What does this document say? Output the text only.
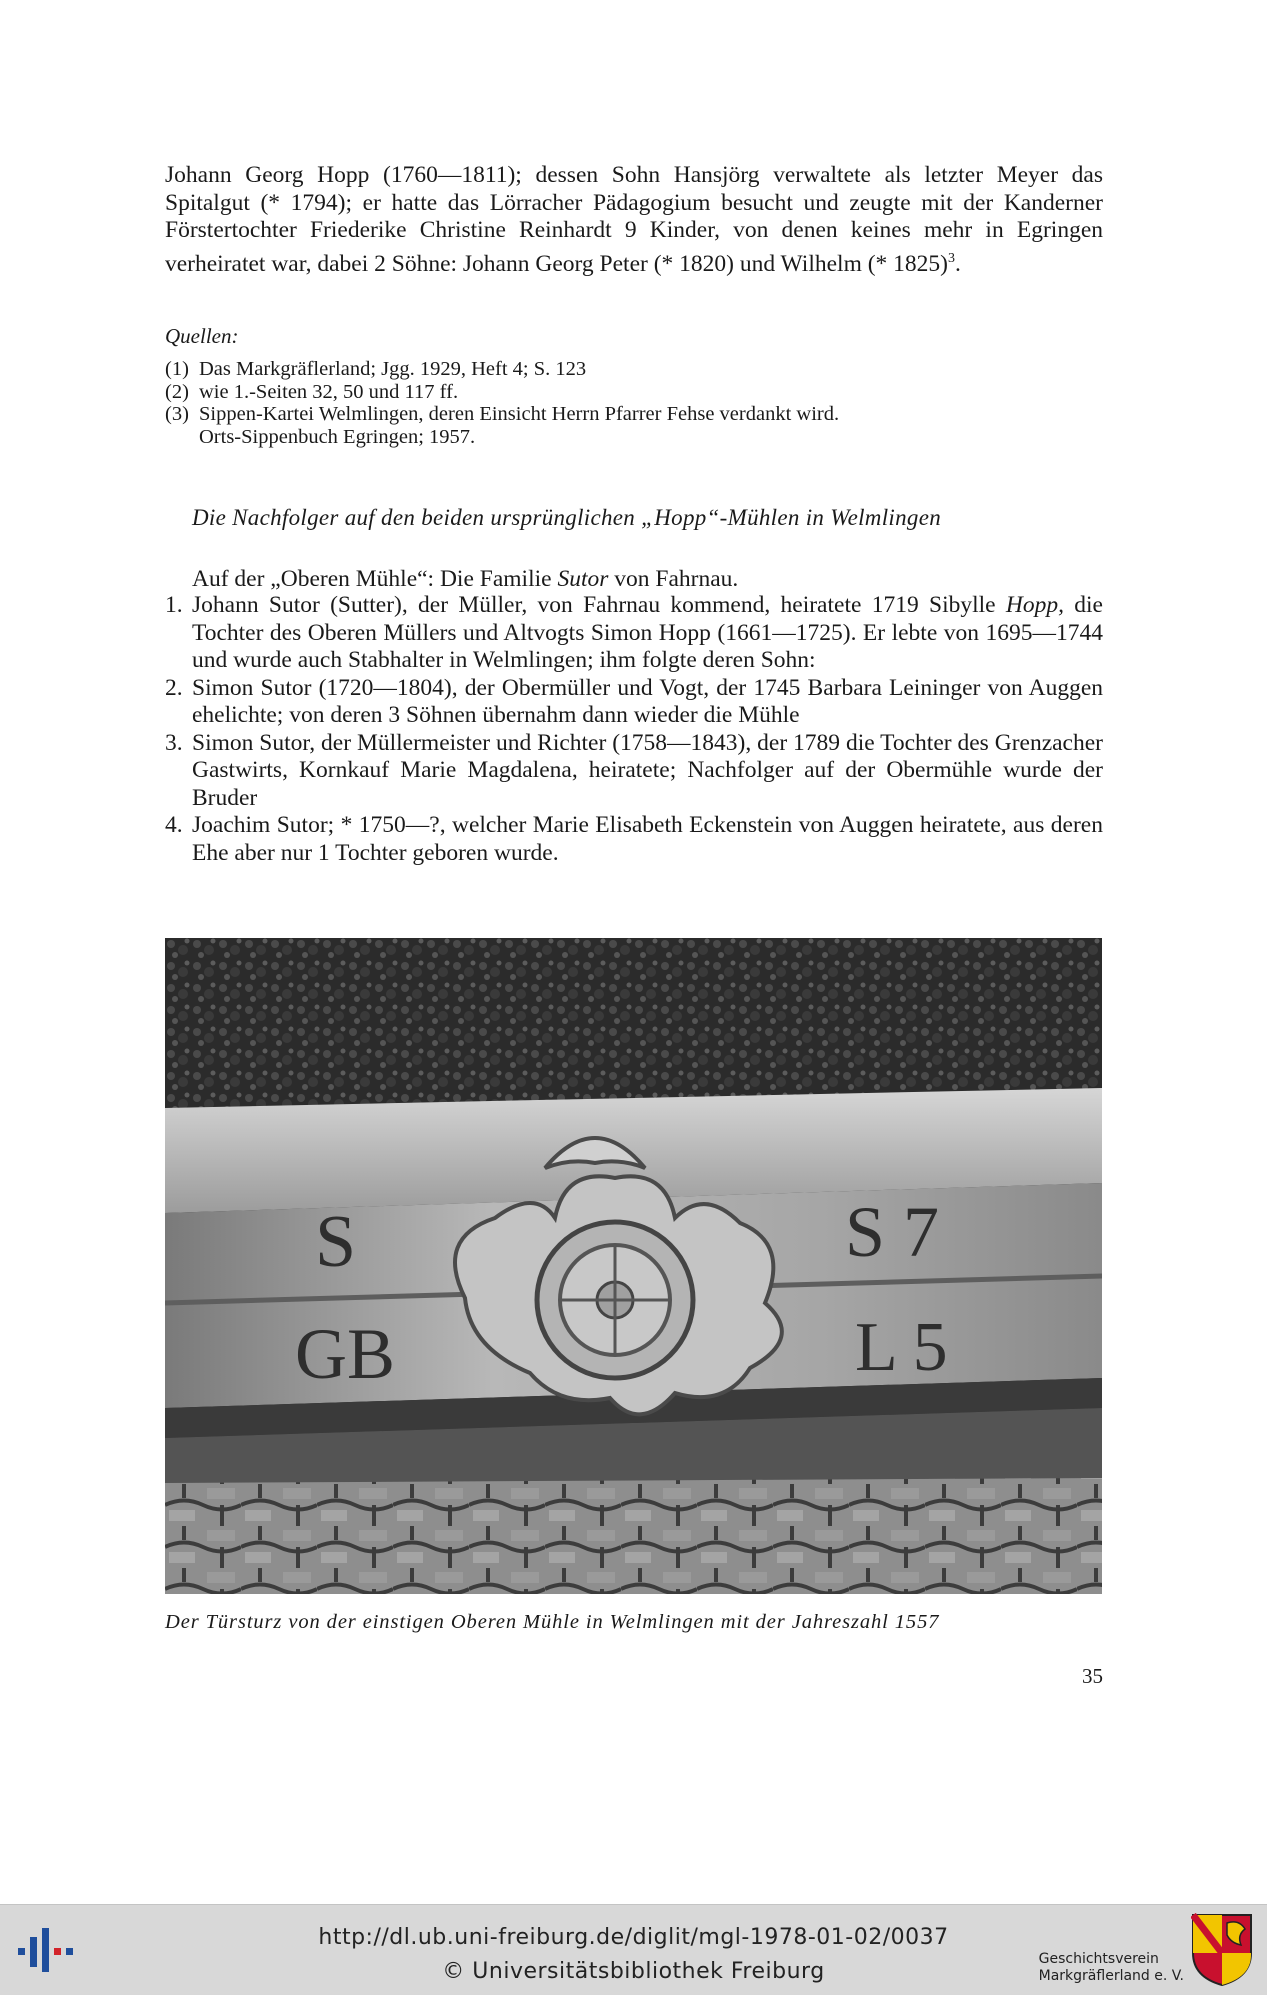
Johann Georg Hopp (1760—1811); dessen Sohn Hansjörg verwaltete als letzter Meyer das Spitalgut (* 1794); er hatte das Lörracher Pädagogium besucht und zeugte mit der Kanderner Förstertochter Friederike Christine Reinhardt 9 Kinder, von denen keines mehr in Egringen verheiratet war, dabei 2 Söhne: Johann Georg Peter (* 1820) und Wilhelm (* 1825)$^3$.

Quellen:
(1) Das Markgräflerland; Jgg. 1929, Heft 4; S. 123
(2) wie 1.-Seiten 32, 50 und 117 ff.
(3) Sippen-Kartei Welmlingen, deren Einsicht Herrn Pfarrer Fehse verdankt wird.
Orts-Sippenbuch Egringen; 1957.
Die Nachfolger auf den beiden ursprünglichen „Hopp“-Mühlen in Welmlingen
Auf der „Oberen Mühle“: Die Familie Sutor von Fahrnau.
1. Johann Sutor (Sutter), der Müller, von Fahrnau kommend, heiratete 1719 Sibylle Hopp, die Tochter des Oberen Müllers und Altvogts Simon Hopp (1661—1725). Er lebte von 1695—1744 und wurde auch Stabhalter in Welmlingen; ihm folgte deren Sohn:
2. Simon Sutor (1720—1804), der Obermüller und Vogt, der 1745 Barbara Leininger von Auggen ehelichte; von deren 3 Söhnen übernahm dann wieder die Mühle
3. Simon Sutor, der Müllermeister und Richter (1758—1843), der 1789 die Tochter des Grenzacher Gastwirts, Kornkauf Marie Magdalena, heiratete; Nachfolger auf der Obermühle wurde der Bruder
4. Joachim Sutor; * 1750—?, welcher Marie Elisabeth Eckenstein von Auggen heiratete, aus deren Ehe aber nur 1 Tochter geboren wurde.
S
GB
S 7
L 5
Der Türsturz von der einstigen Oberen Mühle in Welmlingen mit der Jahreszahl 1557
35
http://dl.ub.uni-freiburg.de/diglit/mgl-1978-01-02/0037
© Universitätsbibliothek Freiburg	Geschichtsverein
Markgräflerland e. V.
